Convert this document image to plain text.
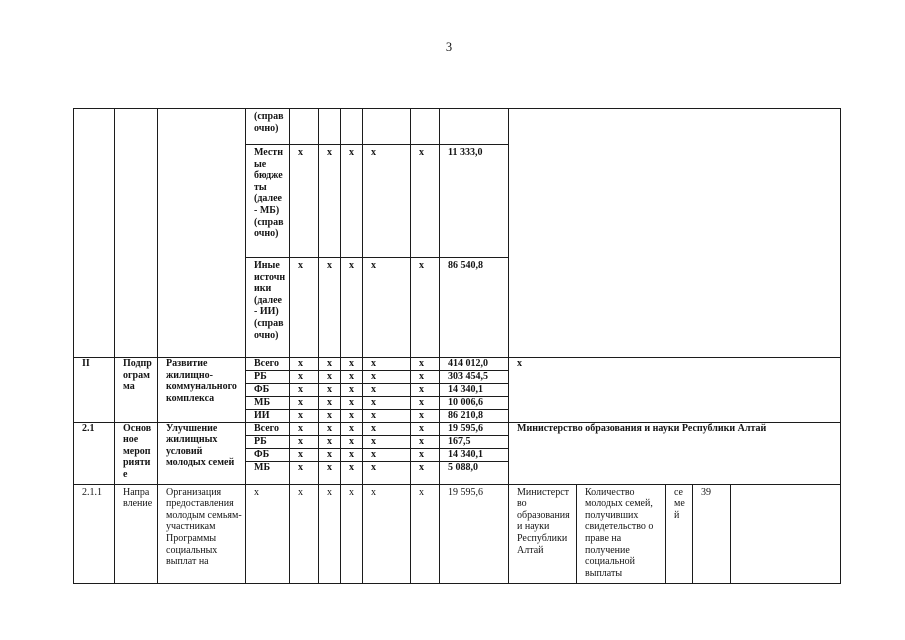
3
			(справочно)											
			Местные бюджеты (далее - МБ) (справочно)	х	х	х	х	х	11 333,0					
			Иные источники (далее - ИИ) (справочно)	х	х	х	х	х	86 540,8					
II	Подпрограмма	Развитие жилищно-коммунального комплекса	Всего	х	х	х	х	х	414 012,0	х				
			РБ	х	х	х	х	х	303 454,5					
			ФБ	х	х	х	х	х	14 340,1					
			МБ	х	х	х	х	х	10 006,6					
			ИИ	х	х	х	х	х	86 210,8					
2.1	Основное мероприятие	Улучшение жилищных условий молодых семей	Всего	х	х	х	х	х	19 595,6	Министерство образования и науки Республики Алтай				
			РБ	х	х	х	х	х	167,5					
			ФБ	х	х	х	х	х	14 340,1					
			МБ	х	х	х	х	х	5 088,0					
2.1.1	Направление	Организация предоставления молодым семьям-участникам Программы социальных выплат на	х	х	х	х	х	х	19 595,6	Министерство образования и науки Республики Алтай	Количество молодых семей, получивших свидетельство о праве на получение социальной выплаты	семей	39	
